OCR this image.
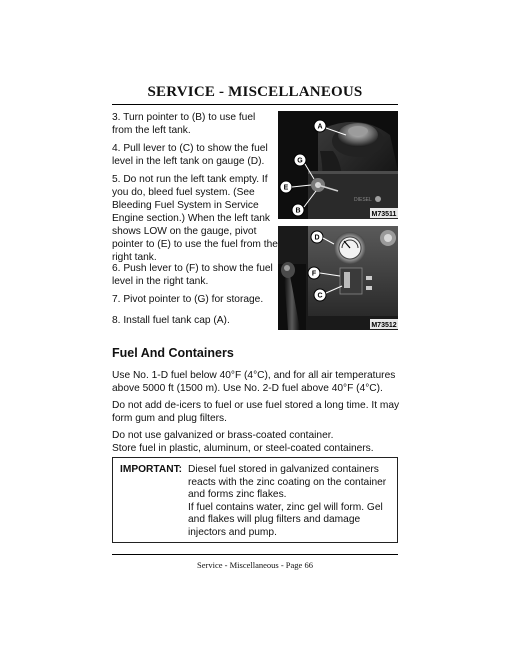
SERVICE - MISCELLANEOUS
3. Turn pointer to (B) to use fuel from the left tank.
4. Pull lever to (C) to show the fuel level in the left tank on gauge (D).
5. Do not run the left tank empty. If you do, bleed fuel system. (See Bleeding Fuel System in Service Engine section.) When the left tank shows LOW on the gauge, pivot pointer to (E) to use the fuel from the right tank.
6. Push lever to (F) to show the fuel level in the right tank.
7. Pivot pointer to (G) for storage.
8. Install fuel tank cap (A).
DIESEL
A
G
E
B	M73511
D
F
C
M73512
Fuel And Containers
Use No. 1-D fuel below 40°F (4°C), and for all air temperatures above 5000 ft (1500 m). Use No. 2-D fuel above 40°F (4°C).
Do not add de-icers to fuel or use fuel stored a long time. It may form gum and plug filters.
Do not use galvanized or brass-coated container.
Store fuel in plastic, aluminum, or steel-coated containers.
IMPORTANT: Diesel fuel stored in galvanized containers reacts with the zinc coating on the container and forms zinc flakes.
If fuel contains water, zinc gel will form. Gel and flakes will plug filters and damage injectors and pump.
Service - Miscellaneous - Page 66
